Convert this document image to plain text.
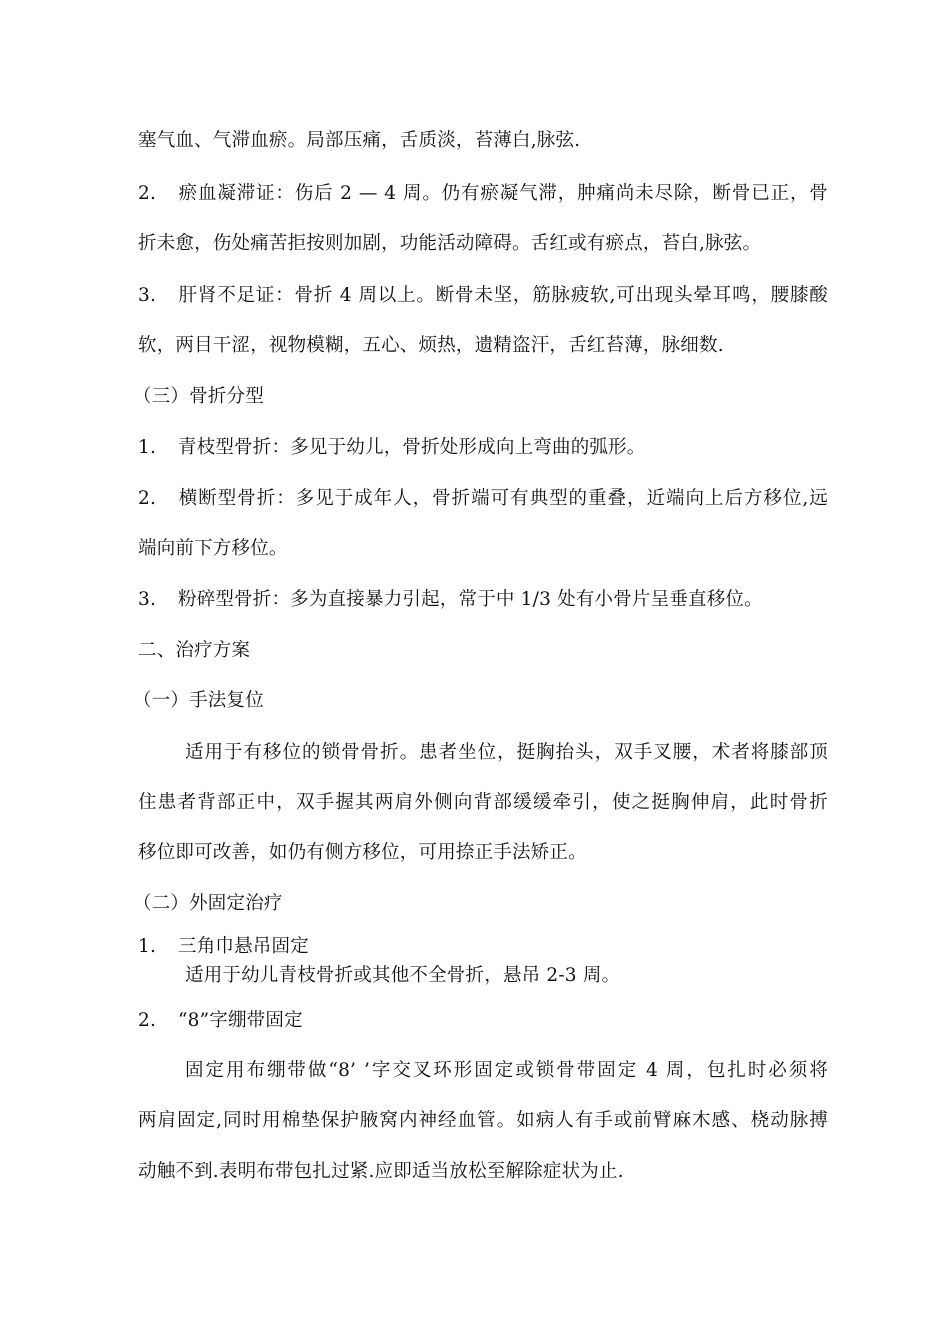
塞气血、气滞血瘀。局部压痛，舌质淡，苔薄白,脉弦.
2. 瘀血凝滞证：伤后 2 — 4 周。仍有瘀凝气滞，肿痛尚未尽除，断骨已正，骨
折未愈，伤处痛苦拒按则加剧，功能活动障碍。舌红或有瘀点，苔白,脉弦。
3. 肝肾不足证：骨折 4 周以上。断骨未坚，筋脉疲软,可出现头晕耳鸣，腰膝酸
软，两目干涩，视物模糊，五心、烦热，遗精盗汗，舌红苔薄，脉细数.
（三）骨折分型
1. 青枝型骨折：多见于幼儿，骨折处形成向上弯曲的弧形。
2. 横断型骨折：多见于成年人，骨折端可有典型的重叠，近端向上后方移位,远
端向前下方移位。
3. 粉碎型骨折：多为直接暴力引起，常于中 1/3 处有小骨片呈垂直移位。
二、治疗方案
（一）手法复位
适用于有移位的锁骨骨折。患者坐位，挺胸抬头，双手叉腰，术者将膝部顶
住患者背部正中，双手握其两肩外侧向背部缓缓牵引，使之挺胸伸肩，此时骨折
移位即可改善，如仍有侧方移位，可用捺正手法矫正。
（二）外固定治疗
1. 三角巾悬吊固定
适用于幼儿青枝骨折或其他不全骨折，悬吊 2-3 周。
2. “8”字绷带固定
固定用布绷带做“8’ ’字交叉环形固定或锁骨带固定 4 周，包扎时必须将
两肩固定,同时用棉垫保护腋窝内神经血管。如病人有手或前臂麻木感、桡动脉搏
动触不到.表明布带包扎过紧.应即适当放松至解除症状为止.
